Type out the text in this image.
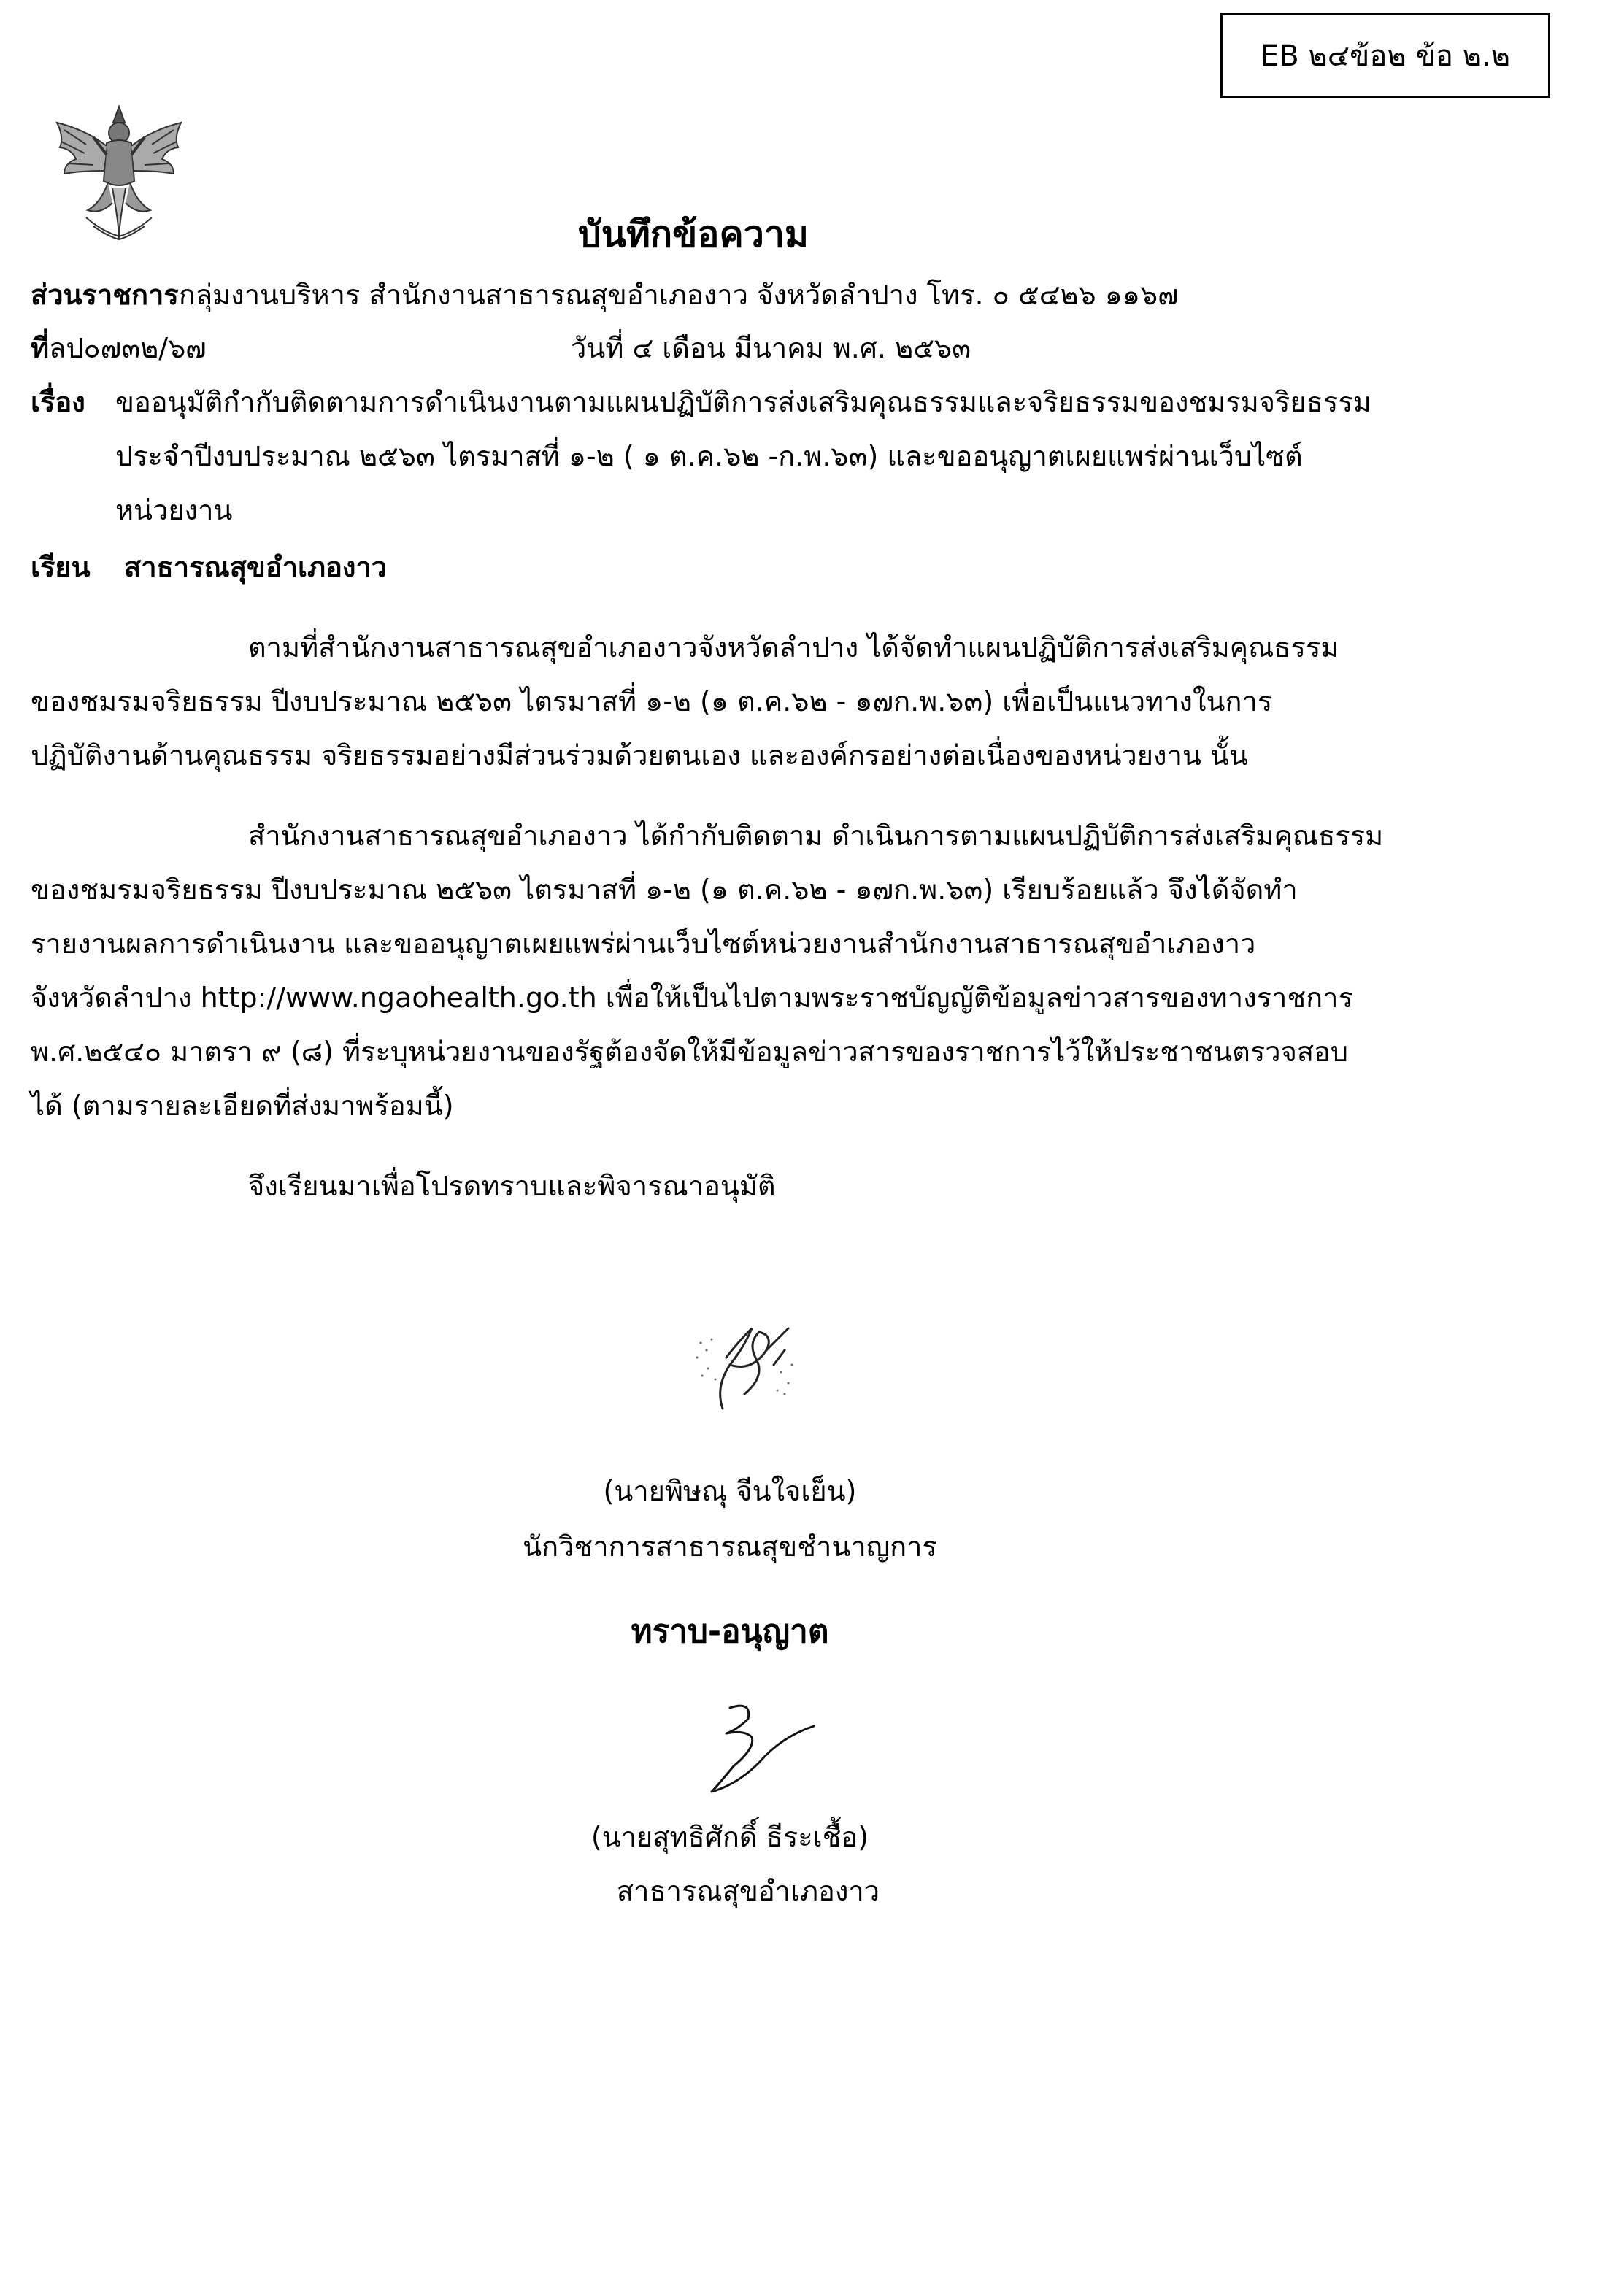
EB ๒๔ข้อ๒ ข้อ ๒.๒
บันทึกข้อความ
ส่วนราชการกลุ่มงานบริหาร สำนักงานสาธารณสุขอำเภองาว จังหวัดลำปาง โทร. ๐ ๕๔๒๖ ๑๑๖๗
ที่ลป๐๗๓๒/๖๗	วันที่ ๔ เดือน มีนาคม พ.ศ. ๒๕๖๓
เรื่อง ขออนุมัติกำกับติดตามการดำเนินงานตามแผนปฏิบัติการส่งเสริมคุณธรรมและจริยธรรมของชมรมจริยธรรม
ประจำปีงบประมาณ ๒๕๖๓ ไตรมาสที่ ๑-๒ ( ๑ ต.ค.๖๒ -ก.พ.๖๓) และขออนุญาตเผยแพร่ผ่านเว็บไซต์
หน่วยงาน
เรียน สาธารณสุขอำเภองาว
ตามที่สำนักงานสาธารณสุขอำเภองาวจังหวัดลำปาง ได้จัดทำแผนปฏิบัติการส่งเสริมคุณธรรม
ของชมรมจริยธรรม ปีงบประมาณ ๒๕๖๓ ไตรมาสที่ ๑-๒ (๑ ต.ค.๖๒ - ๑๗ก.พ.๖๓) เพื่อเป็นแนวทางในการ
ปฏิบัติงานด้านคุณธรรม จริยธรรมอย่างมีส่วนร่วมด้วยตนเอง และองค์กรอย่างต่อเนื่องของหน่วยงาน นั้น
สำนักงานสาธารณสุขอำเภองาว ได้กำกับติดตาม ดำเนินการตามแผนปฏิบัติการส่งเสริมคุณธรรม
ของชมรมจริยธรรม ปีงบประมาณ ๒๕๖๓ ไตรมาสที่ ๑-๒ (๑ ต.ค.๖๒ - ๑๗ก.พ.๖๓) เรียบร้อยแล้ว จึงได้จัดทำ
รายงานผลการดำเนินงาน และขออนุญาตเผยแพร่ผ่านเว็บไซต์หน่วยงานสำนักงานสาธารณสุขอำเภองาว
จังหวัดลำปาง http://www.ngaohealth.go.th เพื่อให้เป็นไปตามพระราชบัญญัติข้อมูลข่าวสารของทางราชการ
พ.ศ.๒๕๔๐ มาตรา ๙ (๘) ที่ระบุหน่วยงานของรัฐต้องจัดให้มีข้อมูลข่าวสารของราชการไว้ให้ประชาชนตรวจสอบ
ได้ (ตามรายละเอียดที่ส่งมาพร้อมนี้)
จึงเรียนมาเพื่อโปรดทราบและพิจารณาอนุมัติ
(นายพิษณุ จีนใจเย็น)
นักวิชาการสาธารณสุขชำนาญการ
ทราบ-อนุญาต
(นายสุทธิศักดิ์ ธีระเชื้อ)
สาธารณสุขอำเภองาว
